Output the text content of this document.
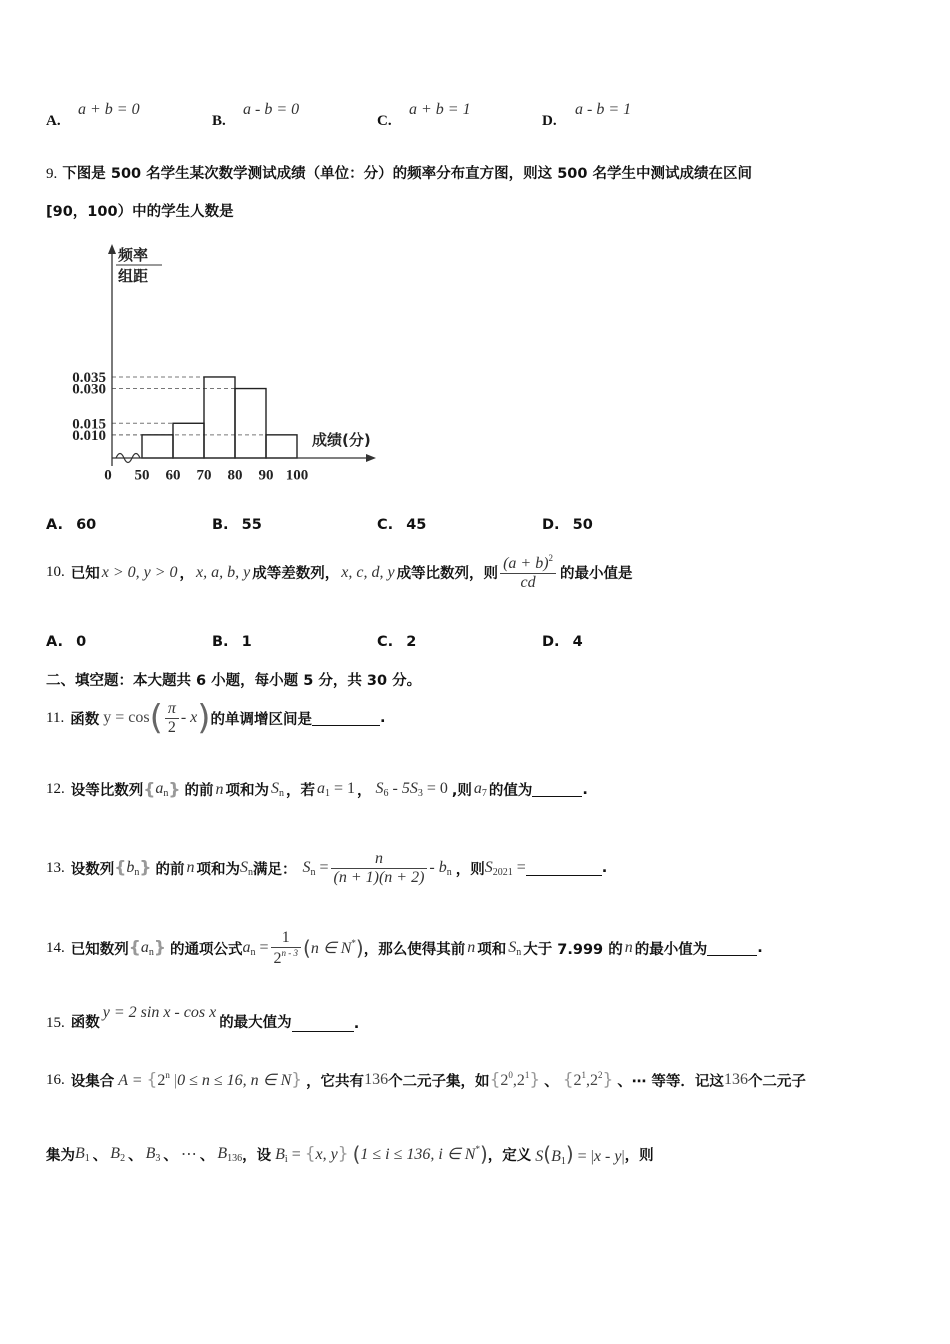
A.
a + b = 0
B.
a - b = 0
C.
a + b = 1
D.
a - b = 1
9. 下图是 500 名学生某次数学测试成绩（单位：分）的频率分布直方图，则这 500 名学生中测试成绩在区间
[90，100）中的学生人数是
0.035
0.030
0.015
0.010
50 60 70 80 90 100
0
频率
组距
成绩(分)
A. 60	B. 55	C. 45	D. 50
10. 已知 x > 0, y > 0 ， x, a, b, y 成等差数列， x, c, d, y 成等比数列，则 $\frac{(a + b)^2}{cd}$ 的最小值是
A. 0	B. 1	C. 2	D. 4
二、填空题：本大题共 6 小题，每小题 5 分，共 30 分。
11. 函数 y = cos ( $\frac{\pi}{2}$ - x ) 的单调增区间是	.
12. 设等比数列 { $a_n$ } 的前 n 项和为 $S_n$ ，若 $a_1 = 1$ ， $S_6 - 5S_3 = 0$ ,则 $a_7$ 的值为	.
13. 设数列 { $b_n$ } 的前 n 项和为 $S_n$ 满足： $S_n = \frac{n}{(n + 1)(n + 2)} - b_n$ ，则 $S_{2021}$ =	.
14. 已知数列 { $a_n$ } 的通项公式 $a_n = \frac{1}{2^{n - 3}}$ ( n ∈ N* ) ，那么使得其前 n 项和 $S_n$ 大于 7.999 的 n 的最小值为	.
15. 函数
y = 2 sin x - cos x
的最大值为	.
16. 设集合 $A = \{2^n$ |0 ≤ n ≤ 16, n ∈ N} ，它共有 136 个二元子集，如 $\{2^0,2^1\}$ 、 $\{2^1,2^2\}$ 、⋯ 等等．记这 136 个二元子
集为 $B_1$ 、 $B_2$ 、 $B_3$ 、 ⋯ 、 $B_{136}$ ，设 $B_i = \{x$, y} ( 1 ≤ i ≤ 136, i ∈ N* ) ，定义 $S(B_1) = |x - y|$ ，则
